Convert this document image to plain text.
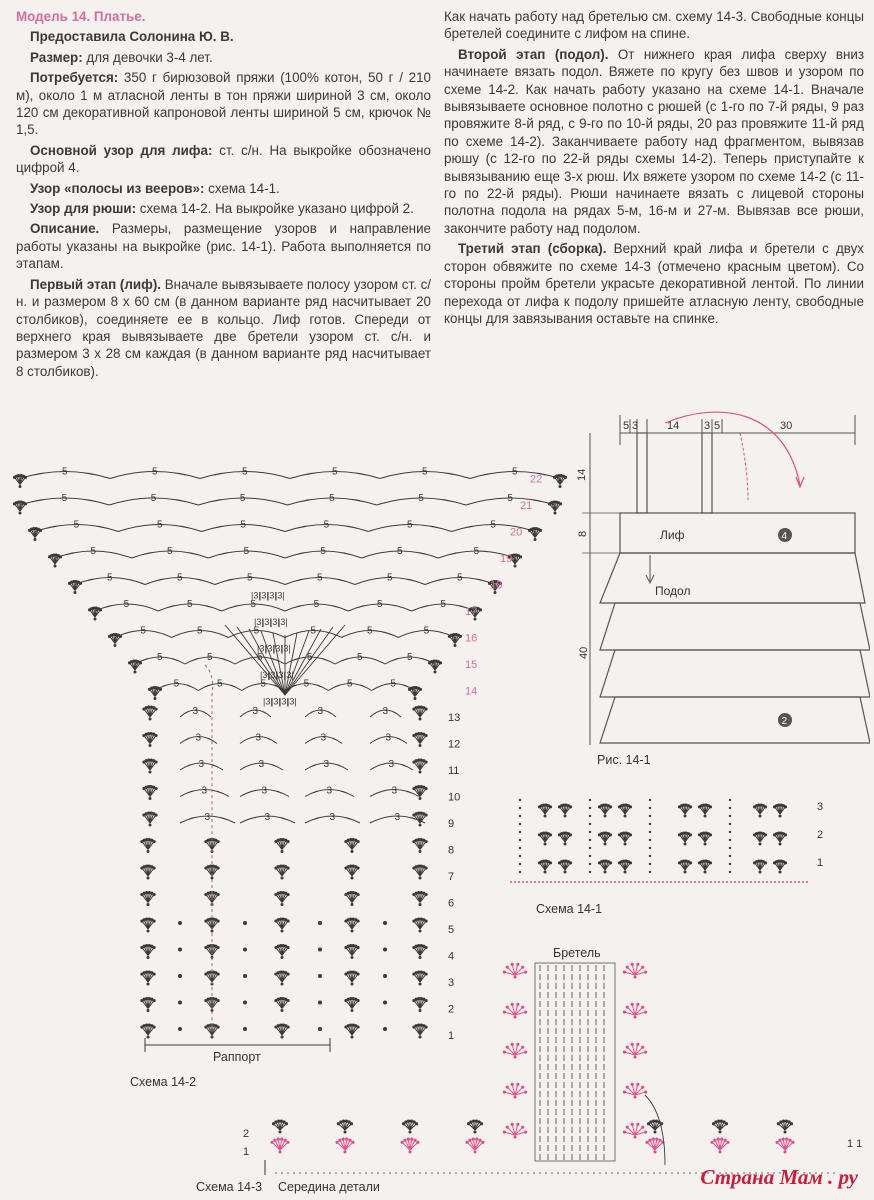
Модель 14. Платье.

Предоставила Солонина Ю. В.

Размер: для девочки 3-4 лет.

Потребуется: 350 г бирюзовой пряжи (100% котон, 50 г / 210 м), около 1 м атласной ленты в тон пряжи шириной 3 см, около 120 см декоративной капроновой ленты шириной 5 см, крючок № 1,5.

Основной узор для лифа: ст. с/н. На выкройке обозначено цифрой 4.

Узор «полосы из вееров»: схема 14-1.

Узор для рюши: схема 14-2. На выкройке указано цифрой 2.

Описание. Размеры, размещение узоров и направление работы указаны на выкройке (рис. 14-1). Работа выполняется по этапам.

Первый этап (лиф). Вначале вывязываете полосу узором ст. с/н. и размером 8 х 60 см (в данном варианте ряд насчитывает 20 столбиков), соединяете ее в кольцо. Лиф готов. Спереди от верхнего края вывязываете две бретели узором ст. с/н. и размером 3 х 28 см каждая (в данном варианте ряд насчитывает 8 столбиков).

Как начать работу над бретелью см. схему 14-3. Свободные концы бретелей соедините с лифом на спине.

Второй этап (подол). От нижнего края лифа сверху вниз начинаете вязать подол. Вяжете по кругу без швов и узором по схеме 14-2. Как начать работу указано на схеме 14-1. Вначале вывязываете основное полотно с рюшей (с 1-го по 7-й ряды, 9 раз провяжите 8-й ряд, с 9-го по 10-й ряды, 20 раз провяжите 11-й ряд по схеме 14-2). Заканчиваете работу над фрагментом, вывязав рюшу (с 12-го по 22-й ряды схемы 14-2). Теперь приступайте к вывязыванию еще 3-х рюш. Их вяжете узором по схеме 14-2 (с 11-го по 22-й ряды). Рюши начинаете вязать с лицевой стороны полотна подола на рядах 5-м, 16-м и 27-м. Вывязав все рюши, закончите работу над подолом.

Третий этап (сборка). Верхний край лифа и бретели с двух сторон обвяжите по схеме 14-3 (отмечено красным цветом). Со стороны пройм бретели украсьте декоративной лентой. По линии перехода от лифа к подолу пришейте атласную ленту, свободные концы для завязывания оставьте на спинке.

3	3	3	3
3	3	3	3
3	3	3	3
3	3	3	3
3	3	3	3
5	5	5	5	5	5
|3|
|3|
|3|
|3|
5	5	5	5	5	5
|3|
|3|
|3|
|3|
5	5	5	5	5	5
|3|
|3|
|3|
|3|
5	5	5	5	5	5
|3|
|3|
|3|
|3|
5	5	5	5	5	5
|3|
|3|
|3|
|3|
5	5	5	5	5	5
5	5	5	5	5	5
5	5	5	5	5	5
5	5	5	5	5	5
1
2
3
4
5
6
7
8
9
10
11
12
13
14
15
16
17
18
19
20
21
22
Раппорт
Схема 14-2
5 3	14 3 5	30
14
8
40
Лиф	4
Подол
2
Рис. 14-1
3
2
1
Схема 14-1
2
1
1 1
Бретель
Схема 14-3 Середина детали	Страна Мам . ру
